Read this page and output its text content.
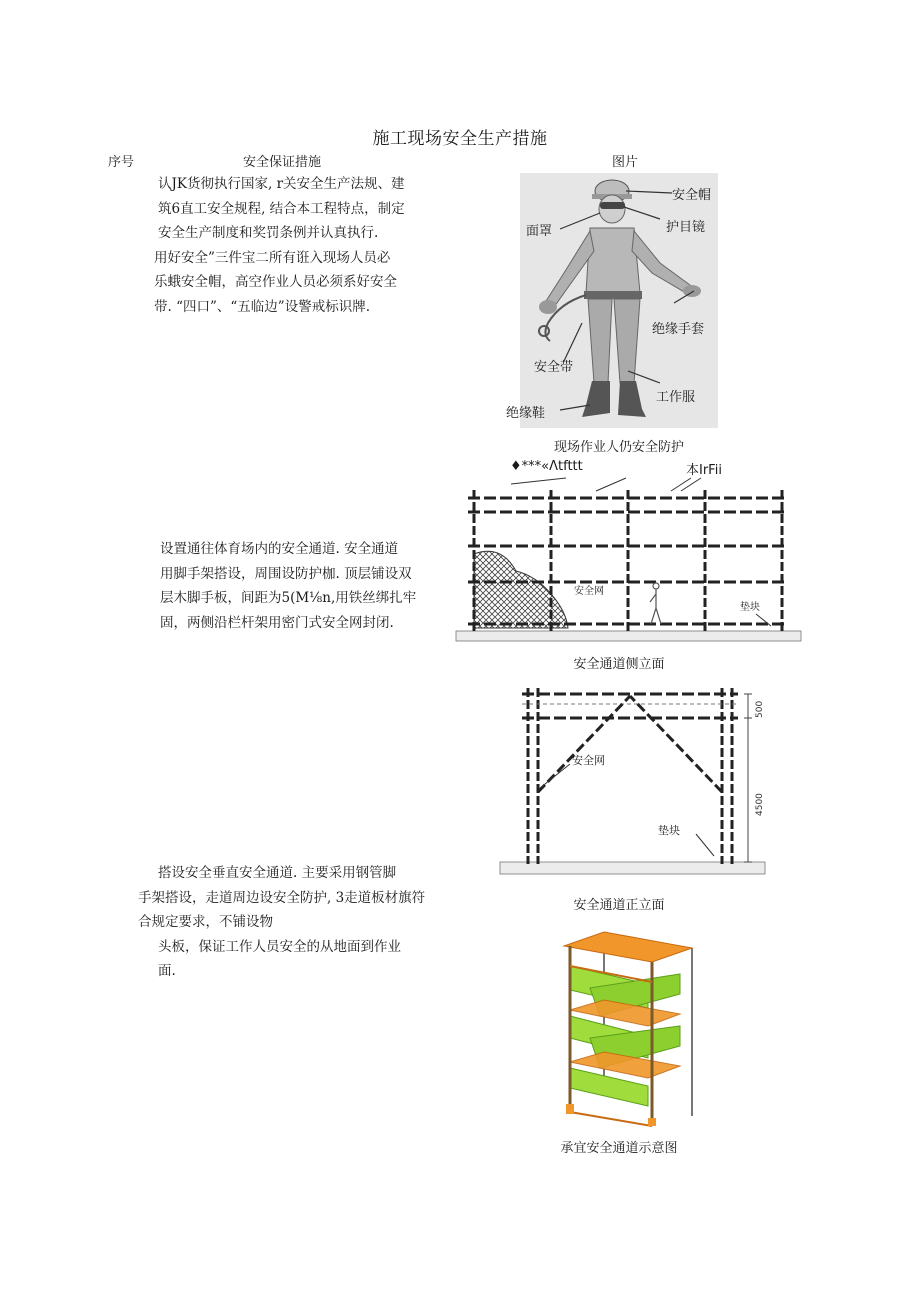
施工现场安全生产措施
序号	安全保证措施	图片
认JK货彻执行国家, r关安全生产法规、建
筑6直工安全规程, 结合本工程特点，制定
安全生产制度和奖罚条例并认真执行.
用好安全”三件宝二所有诳入现场人员必
乐蛾安全帽，高空作业人员必须系好安全
带. “四口”、“五临边”设警戒标识牌.
安全帽
护目镜
面罩
绝缘手套
安全带
工作服
绝缘鞋
现场作业人仍安全防护
设置通往体育场内的安全通道. 安全通道
用脚手架搭设，周围设防护枷. 顶层铺设双
层木脚手板，间距为5(M⅛n,用铁丝绑扎牢
固，两侧沿栏杆架用密门式安全网封闭.
♦***«Λtfttt	本IrFii
安全网
垫块
安全通道侧立面
搭设安全垂直安全通道. 主要采用钢管脚
手架搭设，走道周边设安全防护, 3走道板材旗符
合规定要求，不铺设物
头板，保证工作人员安全的从地面到作业
面.
500
4500
安全网
垫块
安全通道正立面
承宜安全通道示意图
